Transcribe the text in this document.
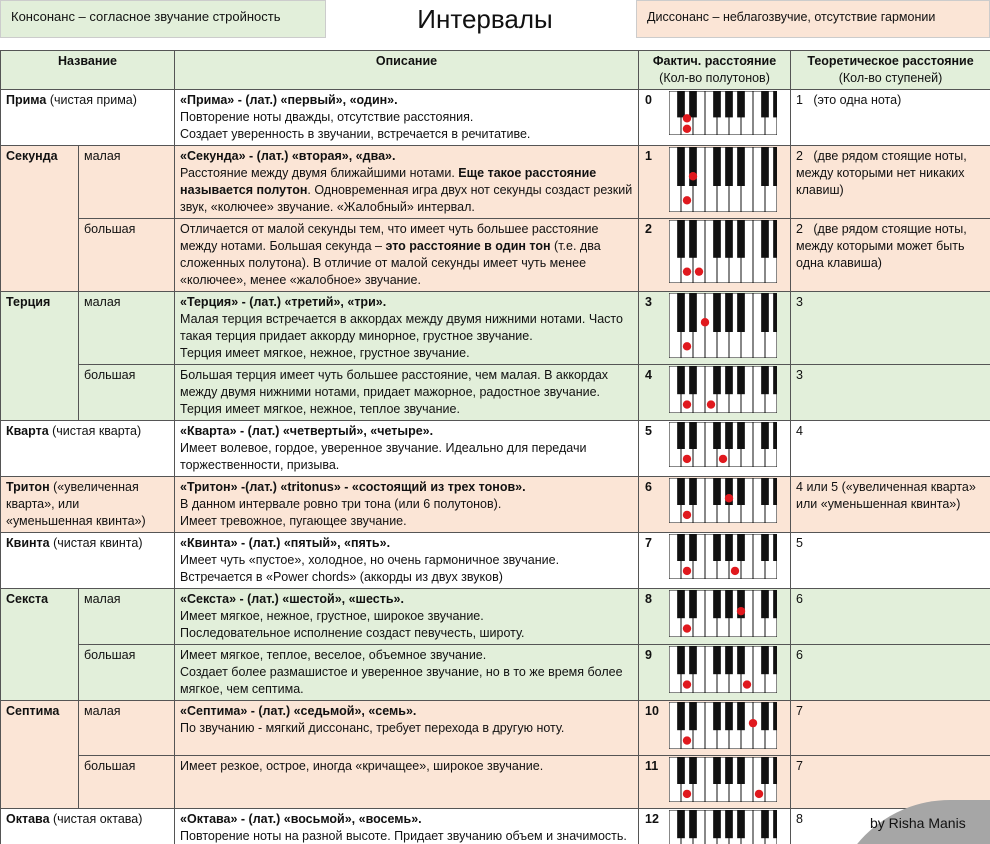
Консонанс – согласное звучание стройность	Интервалы	Диссонанс – неблагозвучие, отсутствие гармонии
Название		Описание	Фактич. расстояние
(Кол-во полутонов)	Теоретическое расстояние
(Кол-во ступеней)

Прима (чистая прима)		«Прима» - (лат.) «первый», «один».
Повторение ноты дважды, отсутствие расстояния.
Создает уверенность в звучании, встречается в речитативе.	0	1   (это одна нота)
Секунда	малая	«Секунда» - (лат.) «вторая», «два».
Расстояние между двумя ближайшими нотами. Еще такое расстояние называется полутон. Одновременная игра двух нот секунды создаст резкий звук, «колючее» звучание. «Жалобный» интервал.	1	2   (две рядом стоящие ноты, между которыми нет никаких клавиш)
	большая	Отличается от малой секунды тем, что имеет чуть большее расстояние между нотами. Большая секунда – это расстояние в один тон (т.е. два сложенных полутона). В отличие от малой секунды имеет чуть менее «колючее», менее «жалобное» звучание.	2	2   (две рядом стоящие ноты, между которыми может быть одна клавиша)
Терция	малая	«Терция» - (лат.) «третий», «три».
Малая терция встречается в аккордах между двумя нижними нотами. Часто такая терция придает аккорду минорное, грустное звучание.
Терция имеет мягкое, нежное, грустное звучание.	3	3
	большая	Большая терция имеет чуть большее расстояние, чем малая. В аккордах между двумя нижними нотами, придает мажорное, радостное звучание. Терция имеет мягкое, нежное, теплое звучание.	4	3
Кварта (чистая кварта)		«Кварта» - (лат.) «четвертый», «четыре».
Имеет волевое, гордое, уверенное звучание. Идеально для передачи торжественности, призыва.	5	4
Тритон («увеличенная кварта», или «уменьшенная квинта»)		«Тритон» -(лат.) «tritonus» - «состоящий из трех тонов».
В данном интервале ровно три тона (или 6 полутонов).
Имеет тревожное, пугающее звучание.	6	4 или 5 («увеличенная кварта» или «уменьшенная квинта»)
Квинта (чистая квинта)		«Квинта» - (лат.) «пятый», «пять».
Имеет чуть «пустое», холодное, но очень гармоничное звучание.
Встречается в «Power chords» (аккорды из двух звуков)	7	5
Секста	малая	«Секста» - (лат.) «шестой», «шесть».
Имеет мягкое, нежное, грустное, широкое звучание.
Последовательное исполнение создаст певучесть, широту.	8	6
	большая	Имеет мягкое, теплое, веселое, объемное звучание.
Создает более размашистое и уверенное звучание, но в то же время более мягкое, чем септима.	9	6
Септима	малая	«Септима» - (лат.) «седьмой», «семь».
По звучанию - мягкий диссонанс, требует перехода в другую ноту.	10	7
	большая	Имеет резкое, острое, иногда «кричащее», широкое звучание.	11	7
Октава (чистая октава)		«Октава» - (лат.) «восьмой», «восемь».
Повторение ноты на разной высоте. Придает звучанию объем и значимость.	12	8	by Risha Manis
